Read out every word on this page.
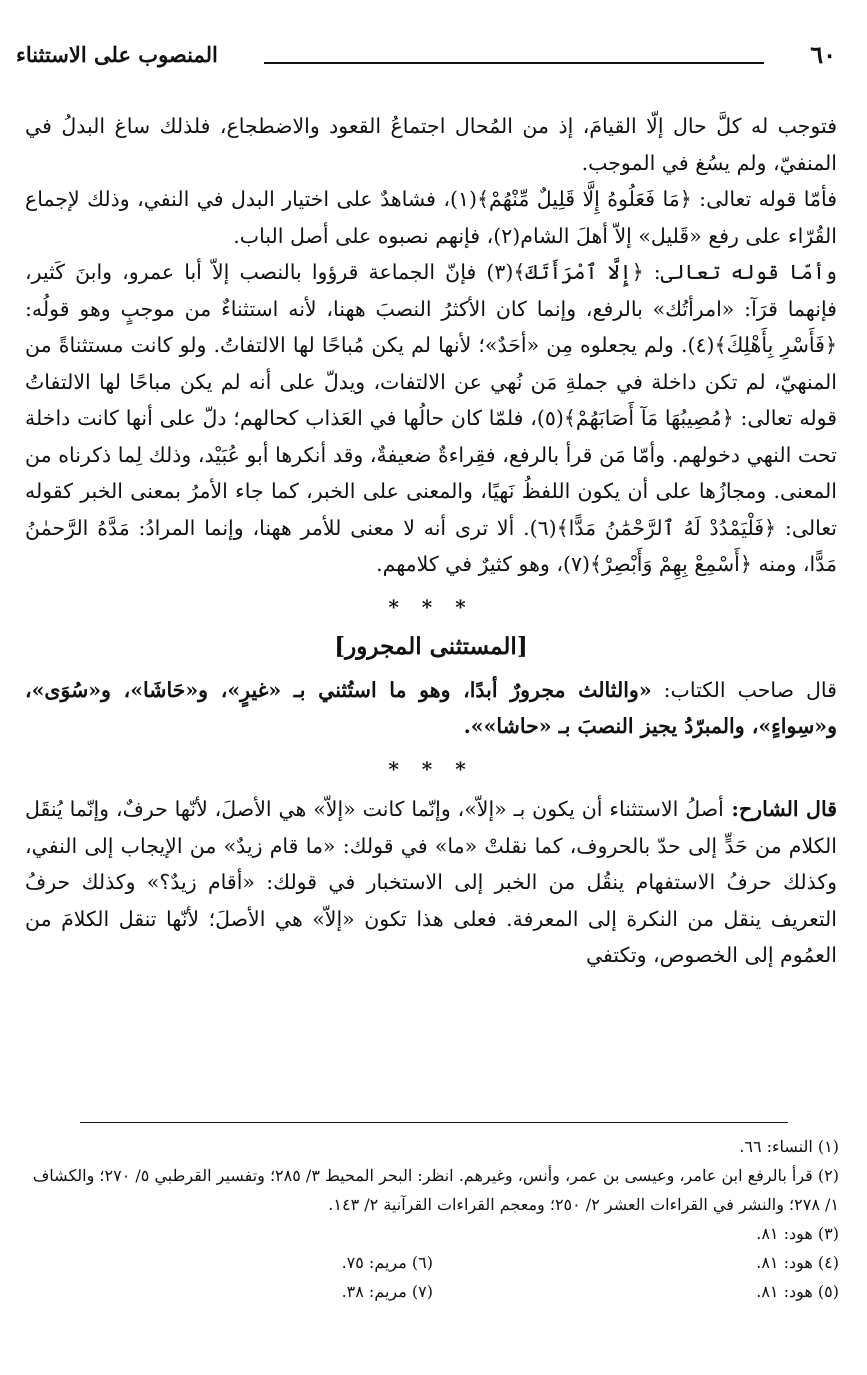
٦٠
المنصوب على الاستثناء

فتوجب له كلَّ حال إلّا القيامَ، إذ من المُحال اجتماعُ القعود والاضطجاع، فلذلك ساغ البدلُ في المنفيّ، ولم يسُغ في الموجب.

فأمّا قوله تعالى: ﴿مَا فَعَلُوهُ إِلَّا قَلِيلٌ مِّنْهُمْ﴾(١)، فشاهدٌ على اختيار البدل في النفي، وذلك لإجماع القُرّاء على رفع «قَليل» إلاّ أهلَ الشام(٢)، فإنهم نصبوه على أصل الباب.

وأمّا قوله تعالى: ﴿إِلَّا ٱمْرَأَتَكَ﴾(٣) فإنّ الجماعة قرؤوا بالنصب إلاّ أبا عمرو، وابنَ كَثير، فإنهما قرَآ: «امرأتُك» بالرفع، وإنما كان الأكثرُ النصبَ ههنا، لأنه استثناءٌ من موجبٍ وهو قولُه: ﴿فَأَسْرِ بِأَهْلِكَ﴾(٤). ولم يجعلوه مِن «أحَدٌ»؛ لأنها لم يكن مُباحًا لها الالتفاتُ. ولو كانت مستثناةً من المنهيّ، لم تكن داخلة في جملةِ مَن نُهي عن الالتفات، ويدلّ على أنه لم يكن مباحًا لها الالتفاتُ قوله تعالى: ﴿مُصِيبُهَا مَآ أَصَابَهُمْ﴾(٥)، فلمّا كان حالُها في العَذاب كحالهم؛ دلّ على أنها كانت داخلة تحت النهي دخولهم. وأمّا مَن قرأ بالرفع، فقِراءةٌ ضعيفةٌ، وقد أنكرها أبو عُبَيْد، وذلك لِما ذكرناه من المعنى. ومجازُها على أن يكون اللفظُ نَهيًا، والمعنى على الخبر، كما جاء الأمرُ بمعنى الخبر كقوله تعالى: ﴿فَلْيَمْدُدْ لَهُ ٱلرَّحْمَٰنُ مَدًّا﴾(٦). ألا ترى أنه لا معنى للأمر ههنا، وإنما المرادُ: مَدَّهُ الرَّحمٰنُ مَدًّا، ومنه ﴿أَسْمِعْ بِهِمْ وَأَبْصِرْ﴾(٧)، وهو كثيرٌ في كلامهم.

* * *
[المستثنى المجرور]

قال صاحب الكتاب: «والثالث مجرورٌ أبدًا، وهو ما استُثني بـ «غيرٍ»، و«حَاشَا»، و«سُوَى»، و«سِواءٍ»، والمبرّدُ يجيز النصبَ بـ «حاشا»».

* * *

قال الشارح: أصلُ الاستثناء أن يكون بـ «إلاّ»، وإنّما كانت «إلاّ» هي الأصلَ، لأنّها حرفٌ، وإنّما يُنقَل الكلام من حَدٍّ إلى حدّ بالحروف، كما نقلتْ «ما» في قولك: «ما قام زيدٌ» من الإيجاب إلى النفي، وكذلك حرفُ الاستفهام ينقُل من الخبر إلى الاستخبار في قولك: «أقام زيدٌ؟» وكذلك حرفُ التعريف ينقل من النكرة إلى المعرفة. فعلى هذا تكون «إلاّ» هي الأصلَ؛ لأنّها تنقل الكلامَ من العمُوم إلى الخصوص، وتكتفي

(١) النساء: ٦٦.

(٢) قرأ بالرفع ابن عامر، وعيسى بن عمر، وأنس، وغيرهم. انظر: البحر المحيط ٣/ ٢٨٥؛ وتفسير القرطبي ٥/ ٢٧٠؛ والكشاف ١/ ٢٧٨؛ والنشر في القراءات العشر ٢/ ٢٥٠؛ ومعجم القراءات القرآنية ٢/ ١٤٣.

(٣) هود: ٨١.

(٤) هود: ٨١.
(٦) مريم: ٧٥.
(٥) هود: ٨١.
(٧) مريم: ٣٨.
